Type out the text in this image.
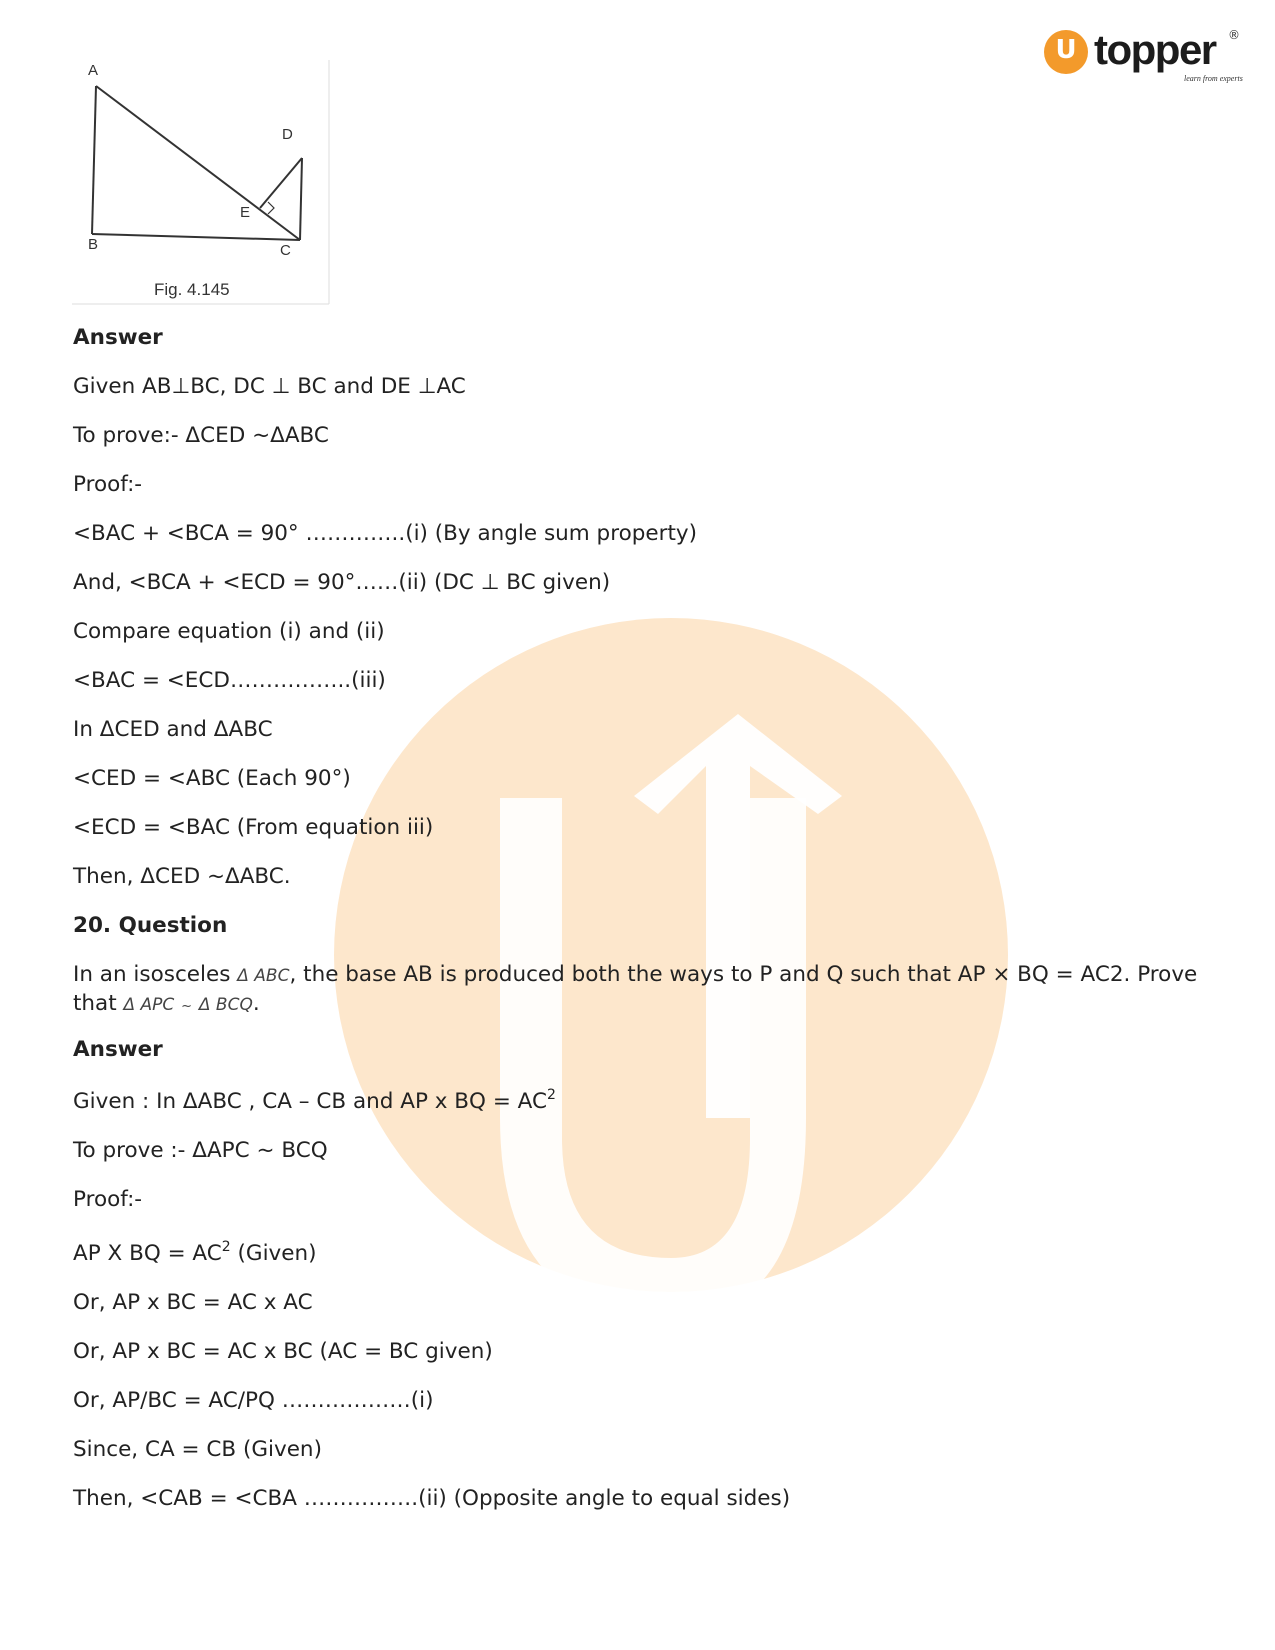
U topper ®
learn from experts
A
D
E
B	C
Fig. 4.145
Answer
Given AB⊥BC, DC ⊥ BC and DE ⊥AC
To prove:- ΔCED ~ΔABC
Proof:-
<BAC + <BCA = 90° …………..(i) (By angle sum property)
And, <BCA + <ECD = 90°……(ii) (DC ⊥ BC given)
Compare equation (i) and (ii)
<BAC = <ECD……………..(iii)
In ΔCED and ΔABC
<CED = <ABC (Each 90°)
<ECD = <BAC (From equation iii)
Then, ΔCED ~ΔABC.
20. Question
In an isosceles Δ ABC, the base AB is produced both the ways to P and Q such that AP × BQ = AC2. Prove that Δ APC ~ Δ BCQ.
Answer
Given : In ΔABC , CA – CB and AP x BQ = $AC^2$
To prove :- ΔAPC ~ BCQ
Proof:-
AP X BQ = $AC^2$ (Given)
Or, AP x BC = AC x AC
Or, AP x BC = AC x BC (AC = BC given)
Or, AP/BC = AC/PQ ………………(i)
Since, CA = CB (Given)
Then, <CAB = <CBA …………….(ii) (Opposite angle to equal sides)
